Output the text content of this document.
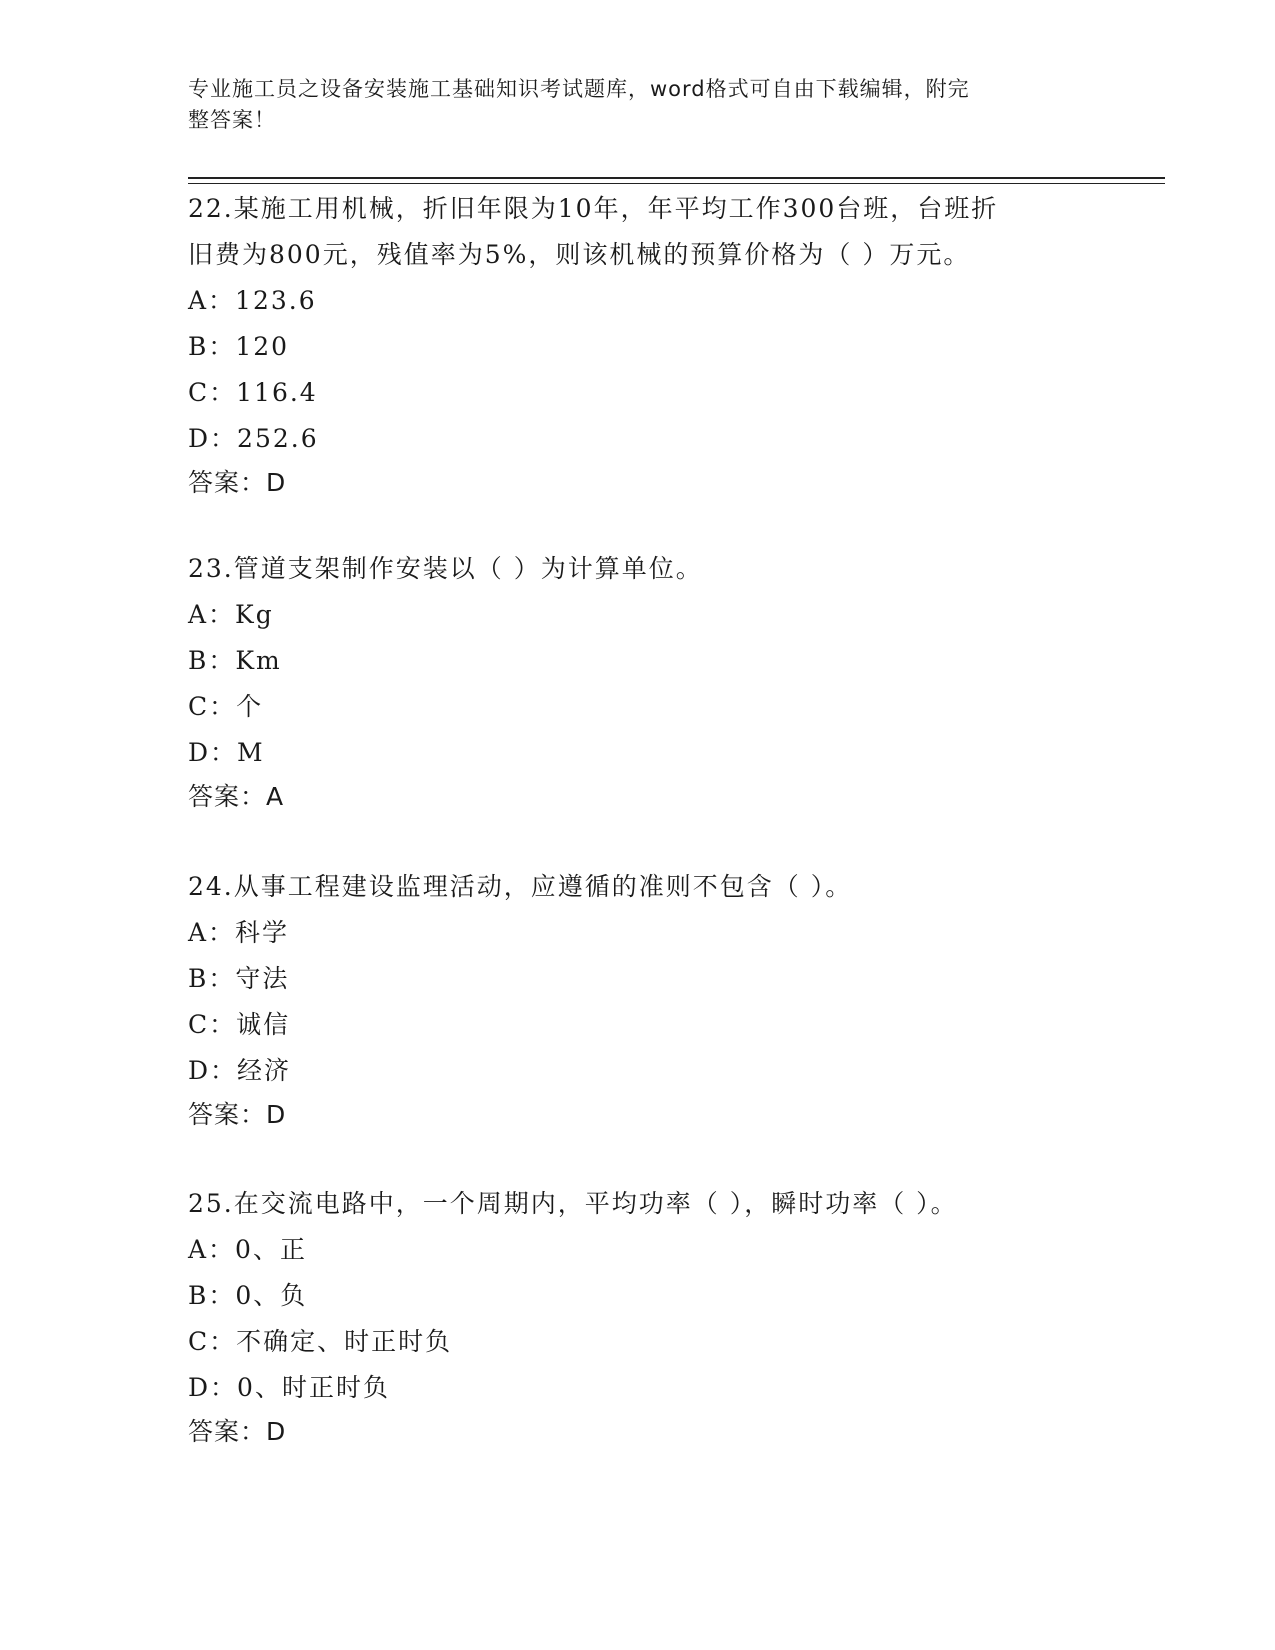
专业施工员之设备安装施工基础知识考试题库，word格式可自由下载编辑，附完
整答案！
22.某施工用机械，折旧年限为10年，年平均工作300台班，台班折
旧费为800元，残值率为5%，则该机械的预算价格为（ ）万元。
A：123.6
B：120
C：116.4
D：252.6
答案：D
23.管道支架制作安装以（ ）为计算单位。
A：Kg
B：Km
C：个
D：M
答案：A
24.从事工程建设监理活动，应遵循的准则不包含（ ）。
A：科学
B：守法
C：诚信
D：经济
答案：D
25.在交流电路中，一个周期内，平均功率（ ），瞬时功率（ ）。
A：0、正
B：0、负
C：不确定、时正时负
D：0、时正时负
答案：D
